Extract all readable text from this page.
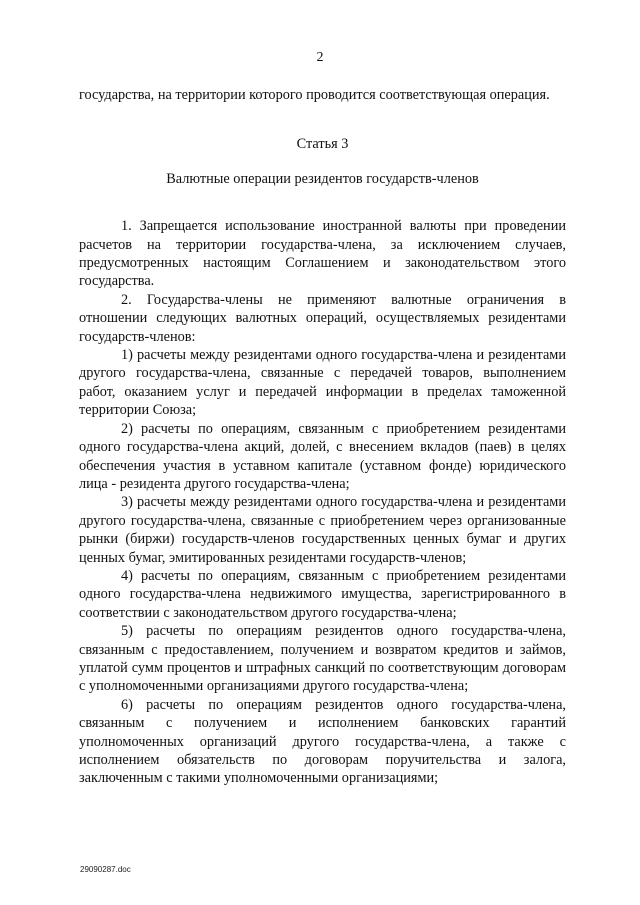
2

государства, на территории которого проводится соответствующая операция.

Статья 3

Валютные операции резидентов государств-членов

1. Запрещается использование иностранной валюты при проведении расчетов на территории государства-члена, за исключением случаев, предусмотренных настоящим Соглашением и законодательством этого государства.

2. Государства-члены не применяют валютные ограничения в отношении следующих валютных операций, осуществляемых резидентами государств-членов:

1) расчеты между резидентами одного государства-члена и резидентами другого государства-члена, связанные с передачей товаров, выполнением работ, оказанием услуг и передачей информации в пределах таможенной территории Союза;

2) расчеты по операциям, связанным с приобретением резидентами одного государства-члена акций, долей, с внесением вкладов (паев) в целях обеспечения участия в уставном капитале (уставном фонде) юридического лица - резидента другого государства-члена;

3) расчеты между резидентами одного государства-члена и резидентами другого государства-члена, связанные с приобретением через организованные рынки (биржи) государств-членов государственных ценных бумаг и других ценных бумаг, эмитированных резидентами государств-членов;

4) расчеты по операциям, связанным с приобретением резидентами одного государства-члена недвижимого имущества, зарегистрированного в соответствии с законодательством другого государства-члена;

5) расчеты по операциям резидентов одного государства-члена, связанным с предоставлением, получением и возвратом кредитов и займов, уплатой сумм процентов и штрафных санкций по соответствующим договорам с уполномоченными организациями другого государства-члена;

6) расчеты по операциям резидентов одного государства-члена, связанным с получением и исполнением банковских гарантий уполномоченных организаций другого государства-члена, а также с исполнением обязательств по договорам поручительства и залога, заключенным с такими уполномоченными организациями;

29090287.doc
